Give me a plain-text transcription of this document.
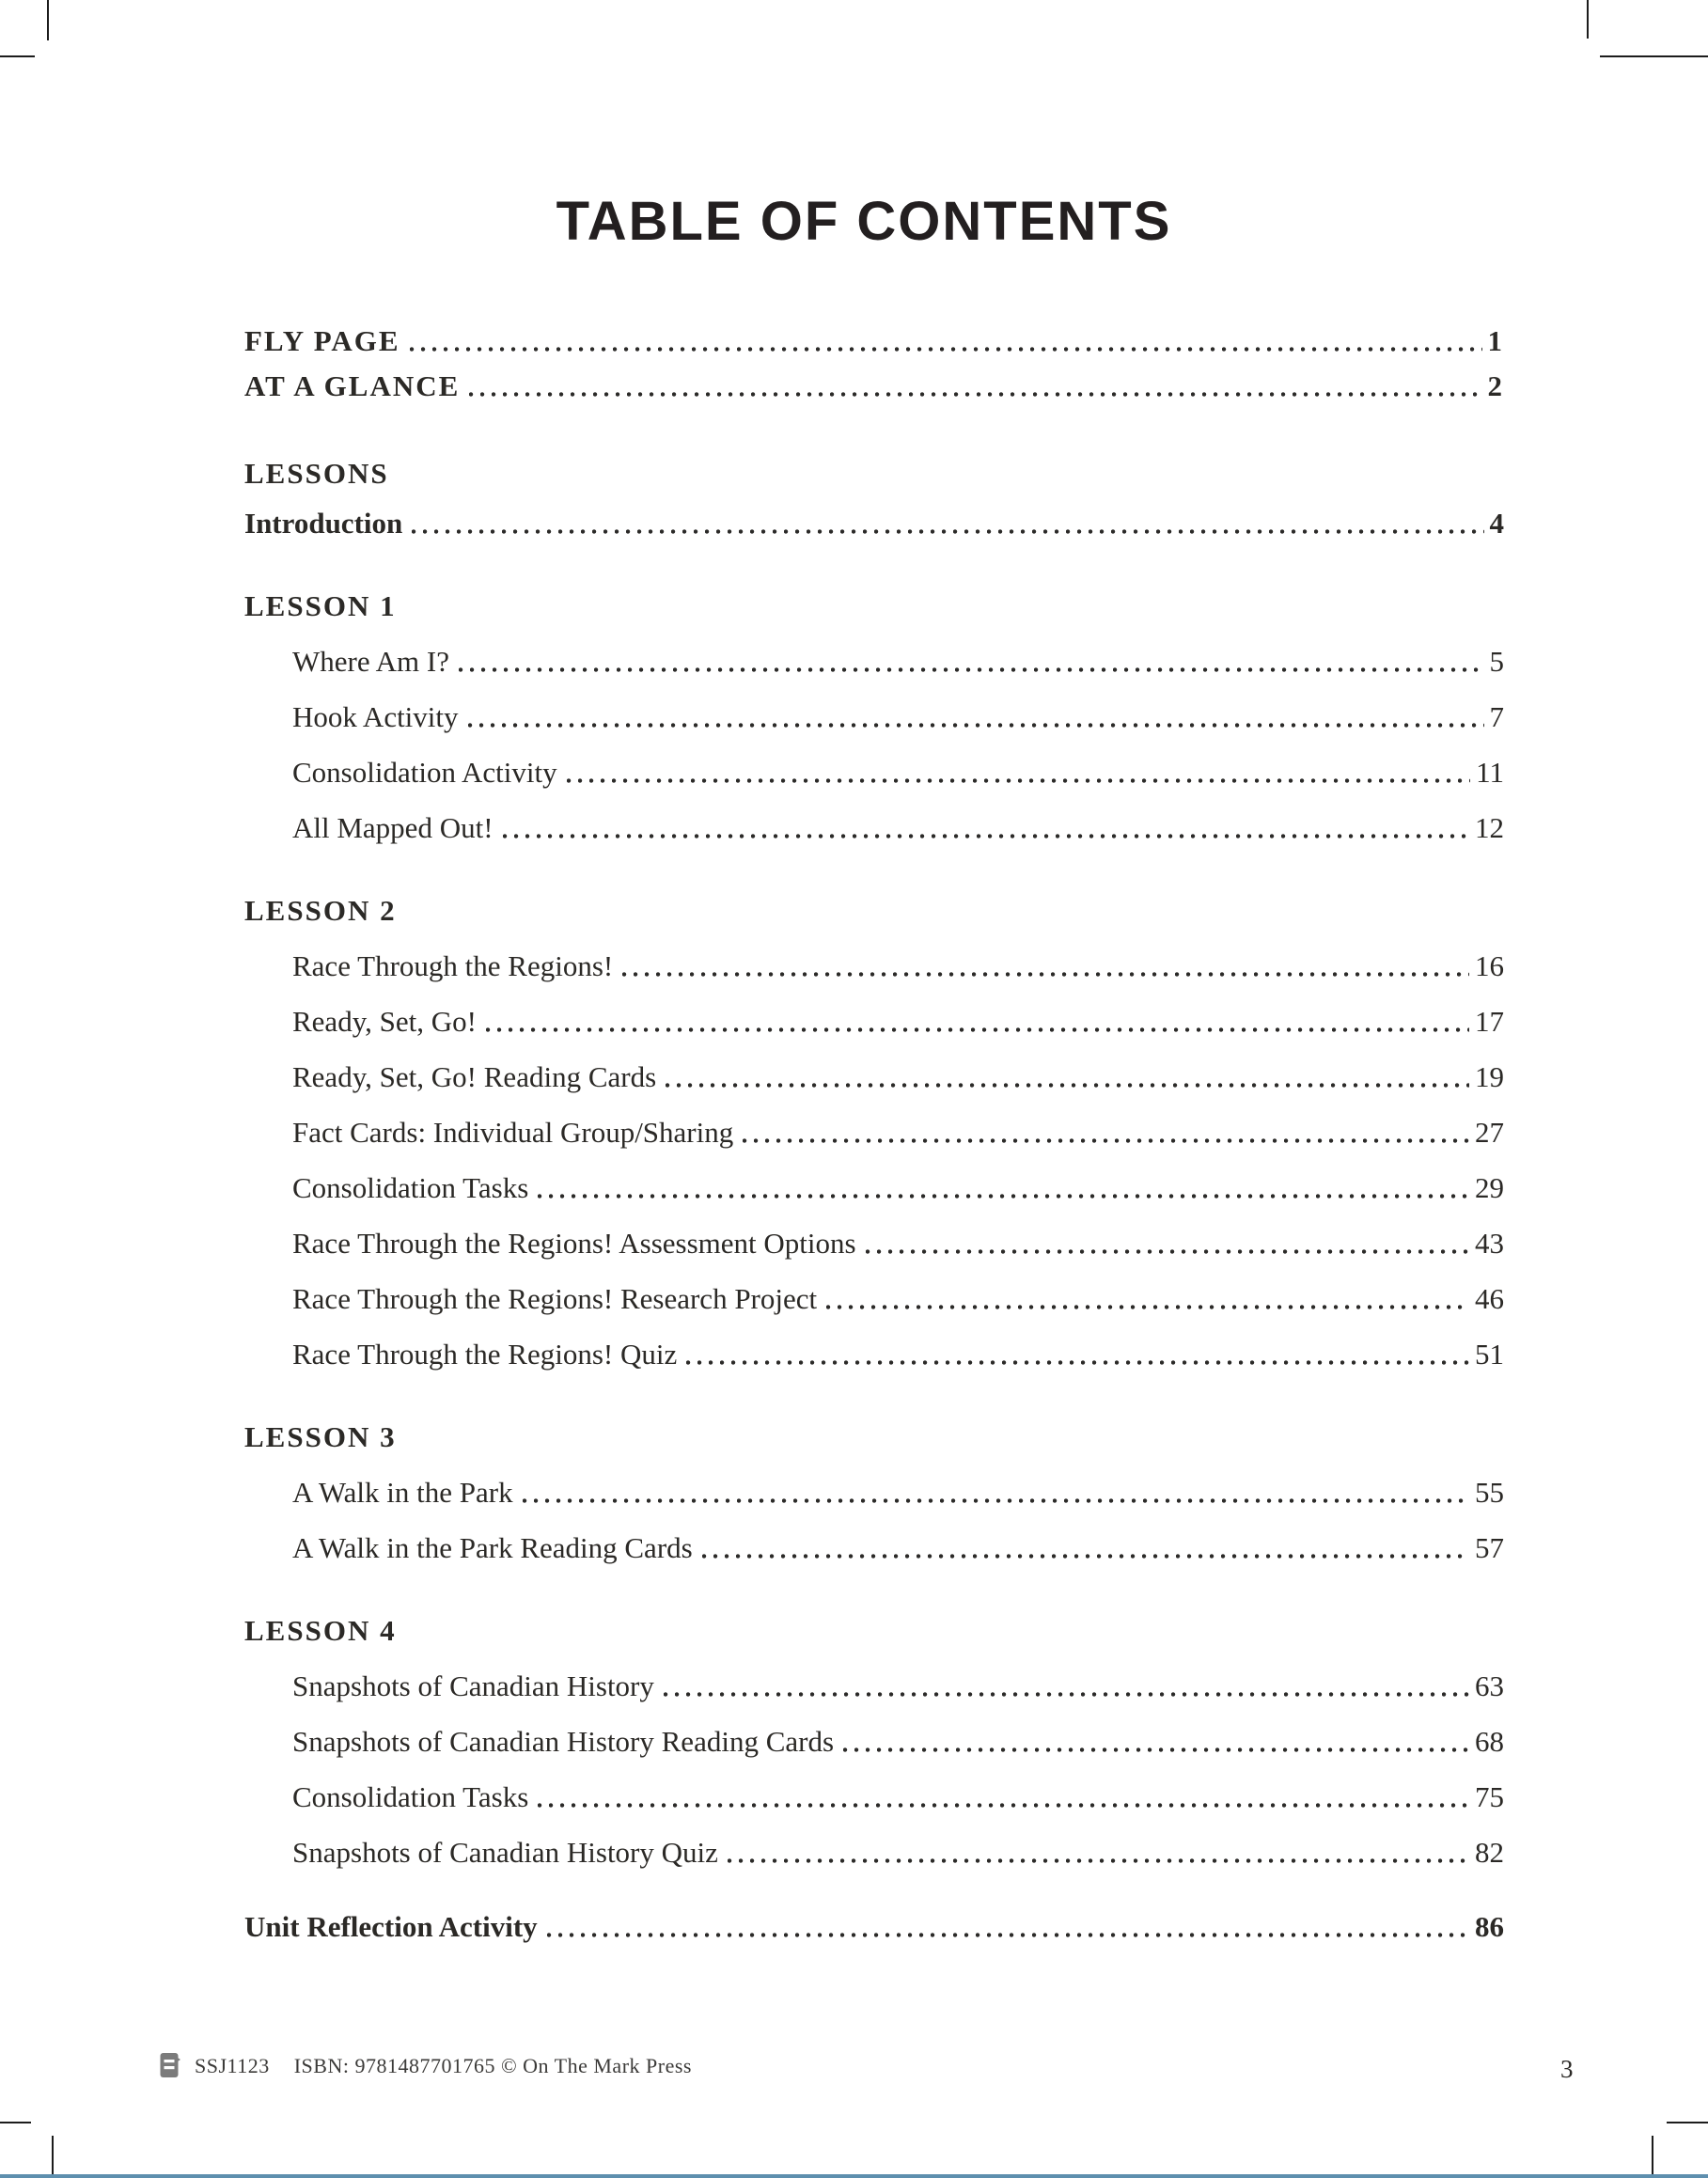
TABLE OF CONTENTS
FLY PAGE	1
AT A GLANCE	2
LESSONS
Introduction	4
LESSON 1
Where Am I?	5
Hook Activity	7
Consolidation Activity	11
All Mapped Out!	12
LESSON 2
Race Through the Regions!	16
Ready, Set, Go!	17
Ready, Set, Go! Reading Cards	19
Fact Cards: Individual Group/Sharing	27
Consolidation Tasks	29
Race Through the Regions! Assessment Options	43
Race Through the Regions! Research Project	46
Race Through the Regions! Quiz	51
LESSON 3
A Walk in the Park	55
A Walk in the Park Reading Cards	57
LESSON 4
Snapshots of Canadian History	63
Snapshots of Canadian History Reading Cards	68
Consolidation Tasks	75
Snapshots of Canadian History Quiz	82
Unit Reflection Activity	86
SSJ1123 ISBN: 9781487701765 © On The Mark Press	3
